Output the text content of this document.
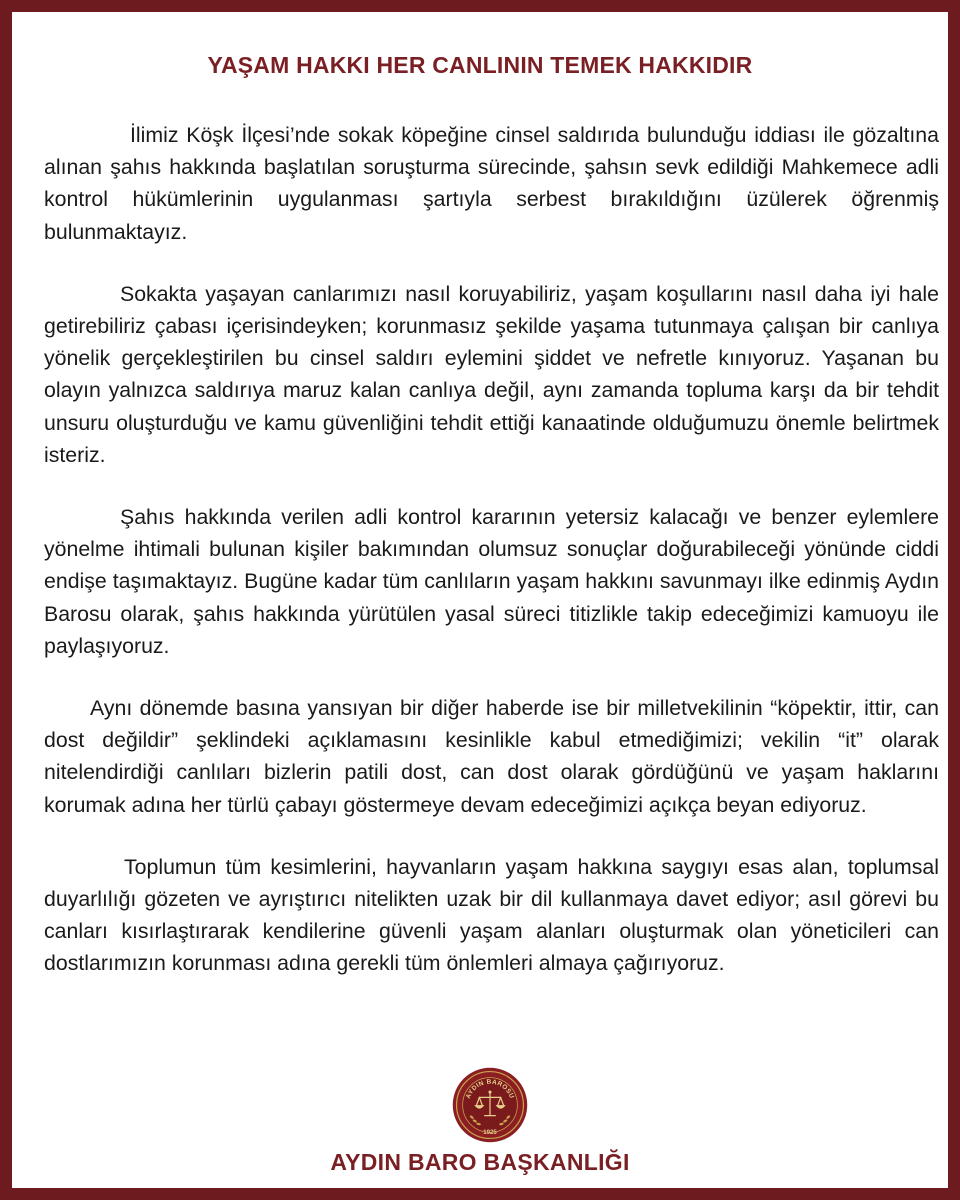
YAŞAM HAKKI HER CANLININ TEMEK HAKKIDIR

İlimiz Köşk İlçesi’nde sokak köpeğine cinsel saldırıda bulunduğu iddiası ile gözaltına alınan şahıs hakkında başlatılan soruşturma sürecinde, şahsın sevk edildiği Mahkemece adli kontrol hükümlerinin uygulanması şartıyla serbest bırakıldığını üzülerek öğrenmiş bulunmaktayız.

Sokakta yaşayan canlarımızı nasıl koruyabiliriz, yaşam koşullarını nasıl daha iyi hale getirebiliriz çabası içerisindeyken; korunmasız şekilde yaşama tutunmaya çalışan bir canlıya yönelik gerçekleştirilen bu cinsel saldırı eylemini şiddet ve nefretle kınıyoruz. Yaşanan bu olayın yalnızca saldırıya maruz kalan canlıya değil, aynı zamanda topluma karşı da bir tehdit unsuru oluşturduğu ve kamu güvenliğini tehdit ettiği kanaatinde olduğumuzu önemle belirtmek isteriz.

Şahıs hakkında verilen adli kontrol kararının yetersiz kalacağı ve benzer eylemlere yönelme ihtimali bulunan kişiler bakımından olumsuz sonuçlar doğurabileceği yönünde ciddi endişe taşımaktayız. Bugüne kadar tüm canlıların yaşam hakkını savunmayı ilke edinmiş Aydın Barosu olarak, şahıs hakkında yürütülen yasal süreci titizlikle takip edeceğimizi kamuoyu ile paylaşıyoruz.

Aynı dönemde basına yansıyan bir diğer haberde ise bir milletvekilinin “köpektir, ittir, can dost değildir” şeklindeki açıklamasını kesinlikle kabul etmediğimizi; vekilin “it” olarak nitelendirdiği canlıları bizlerin patili dost, can dost olarak gördüğünü ve yaşam haklarını korumak adına her türlü çabayı göstermeye devam edeceğimizi açıkça beyan ediyoruz.

Toplumun tüm kesimlerini, hayvanların yaşam hakkına saygıyı esas alan, toplumsal duyarlılığı gözeten ve ayrıştırıcı nitelikten uzak bir dil kullanmaya davet ediyor; asıl görevi bu canları kısırlaştırarak kendilerine güvenli yaşam alanları oluşturmak olan yöneticileri can dostlarımızın korunması adına gerekli tüm önlemleri almaya çağırıyoruz.

AYDIN BAROSU
1925
AYDIN BARO BAŞKANLIĞI
